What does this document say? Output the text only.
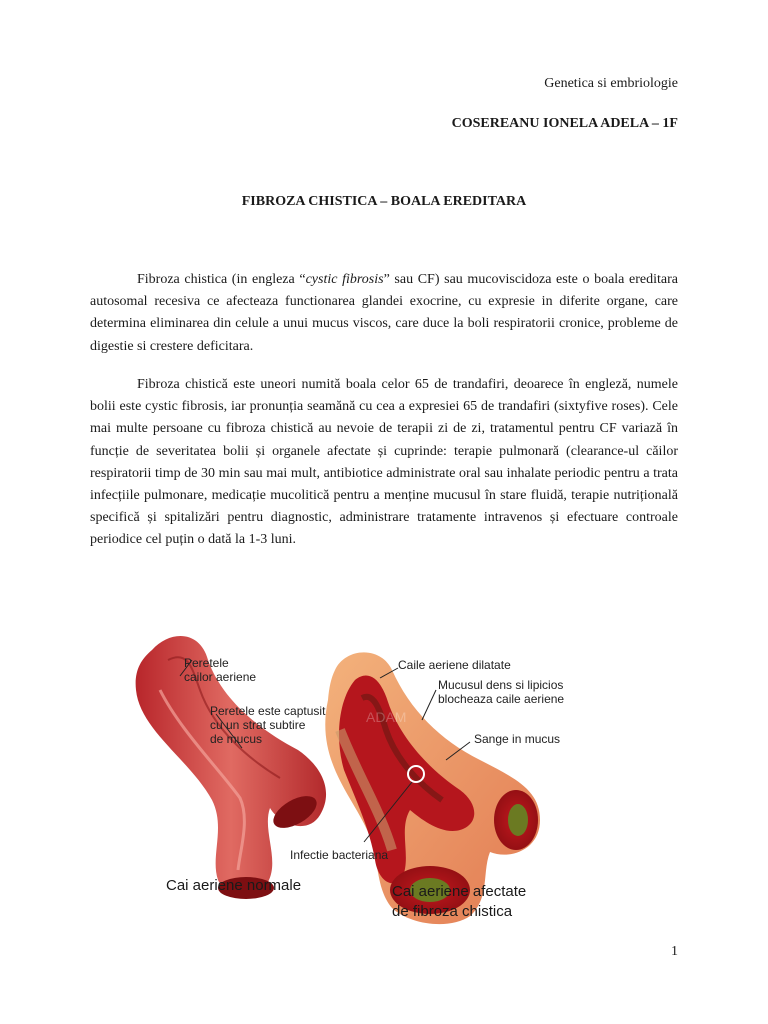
Genetica si embriologie
COSEREANU IONELA ADELA – 1F
FIBROZA CHISTICA – BOALA EREDITARA

Fibroza chistica (in engleza “cystic fibrosis” sau CF) sau mucoviscidoza este o boala ereditara autosomal recesiva ce afecteaza functionarea glandei exocrine, cu expresie in diferite organe, care determina eliminarea din celule a unui mucus viscos, care duce la boli respiratorii cronice, probleme de digestie si crestere deficitara.

Fibroza chistică este uneori numită boala celor 65 de trandafiri, deoarece în engleză, numele bolii este cystic fibrosis, iar pronunția seamănă cu cea a expresiei 65 de trandafiri (sixtyfive roses). Cele mai multe persoane cu fibroza chistică au nevoie de terapii zi de zi, tratamentul pentru CF variază în funcție de severitatea bolii și organele afectate și cuprinde: terapie pulmonară (clearance-ul căilor respiratorii timp de 30 min sau mai mult, antibiotice administrate oral sau inhalate periodic pentru a trata infecțiile pulmonare, medicație mucolitică pentru a menține mucusul în stare fluidă, terapie nutrițională specifică și spitalizări pentru diagnostic, administrare tratamente intravenos și efectuare controale periodice cel puțin o dată la 1-3 luni.

ADAM
Peretele
cailor aeriene
Peretele este captusit
cu un strat subtire
de mucus
Caile aeriene dilatate
Mucusul dens si lipicios
blocheaza caile aeriene
Sange in mucus
Infectie bacteriana
Cai aeriene normale	Cai aeriene afectate
de fibroza chistica
1
